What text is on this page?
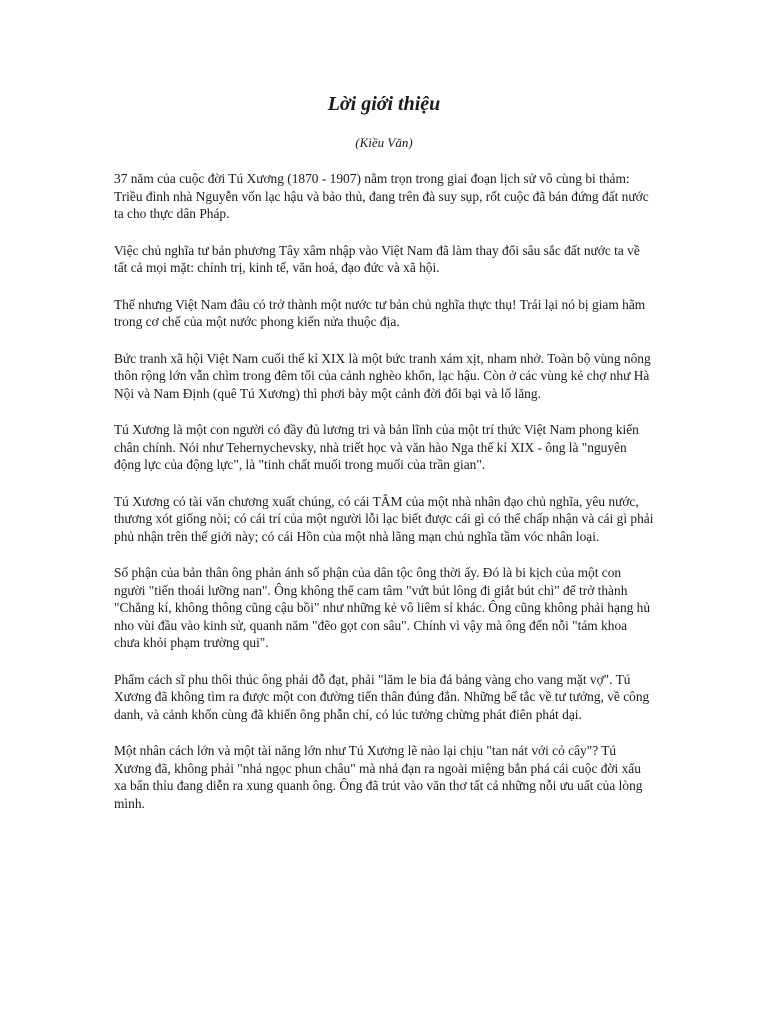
Lời giới thiệu
(Kiều Văn)

37 năm của cuộc đời Tú Xương (1870 - 1907) nằm trọn trong giai đoạn lịch sử vô cùng bi thảm: Triều đình nhà Nguyễn vốn lạc hậu và bảo thủ, đang trên đà suy sụp, rốt cuộc đã bán đứng đất nước ta cho thực dân Pháp.

Việc chủ nghĩa tư bản phương Tây xâm nhập vào Việt Nam đã làm thay đổi sâu sắc đất nước ta về tất cả mọi mặt: chính trị, kinh tế, văn hoá, đạo đức và xã hội.

Thế nhưng Việt Nam đâu có trở thành một nước tư bản chủ nghĩa thực thụ! Trái lại nó bị giam hãm trong cơ chế của một nước phong kiến nửa thuộc địa.

Bức tranh xã hội Việt Nam cuối thế kỉ XIX là một bức tranh xám xịt, nham nhở. Toàn bộ vùng nông thôn rộng lớn vẫn chìm trong đêm tối của cảnh nghèo khổn, lạc hậu. Còn ở các vùng kẻ chợ như Hà Nội và Nam Định (quê Tú Xương) thì phơi bày một cảnh đời đổi bại và lố lăng.

Tú Xương là một con người có đầy đủ lương tri và bản lĩnh của một trí thức Việt Nam phong kiến chân chính. Nói như Tehernychevsky, nhà triết học và văn hào Nga thế kỉ XIX - ông là "nguyên động lực của động lực", là "tinh chất muối trong muối của trần gian".

Tú Xương có tài văn chương xuất chúng, có cái TÂM của một nhà nhân đạo chủ nghĩa, yêu nước, thương xót giống nòi; có cái trí của một người lỗi lạc biết được cái gì có thể chấp nhận và cái gì phải phủ nhận trên thế giới này; có cái Hồn của một nhà lãng mạn chủ nghĩa tầm vóc nhân loại.

Số phận của bản thân ông phản ánh số phận của dân tộc ông thời ấy. Đó là bi kịch của một con người "tiến thoái lưỡng nan". Ông không thể cam tâm "vứt bút lông đi giắt bút chì" để trở thành "Chẳng kí, không thông cũng cậu bồi" như những kẻ vô liêm sỉ khác. Ông cũng không phải hạng hủ nho vùi đầu vào kinh sử, quanh năm "đẽo gọt con sâu". Chính vì vậy mà ông đến nỗi "tám khoa chưa khỏi phạm trường qui".

Phẩm cách sĩ phu thôi thúc ông phải đỗ đạt, phải "lăm le bia đá bảng vàng cho vang mặt vợ". Tú Xương đã không tìm ra được một con đường tiến thân đúng đắn. Những bế tắc về tư tưởng, về công danh, và cảnh khốn cùng đã khiến ông phẫn chí, có lúc tưởng chừng phát điên phát dại.

Một nhân cách lớn và một tài năng lớn như Tú Xương lẽ nào lại chịu "tan nát với cỏ cây"? Tú Xương đã, không phải "nhả ngọc phun châu" mà nhả đạn ra ngoài miệng bắn phá cái cuộc đời xấu xa bẩn thỉu đang diễn ra xung quanh ông. Ông đã trút vào văn thơ tất cả những nỗi ưu uất của lòng mình.
